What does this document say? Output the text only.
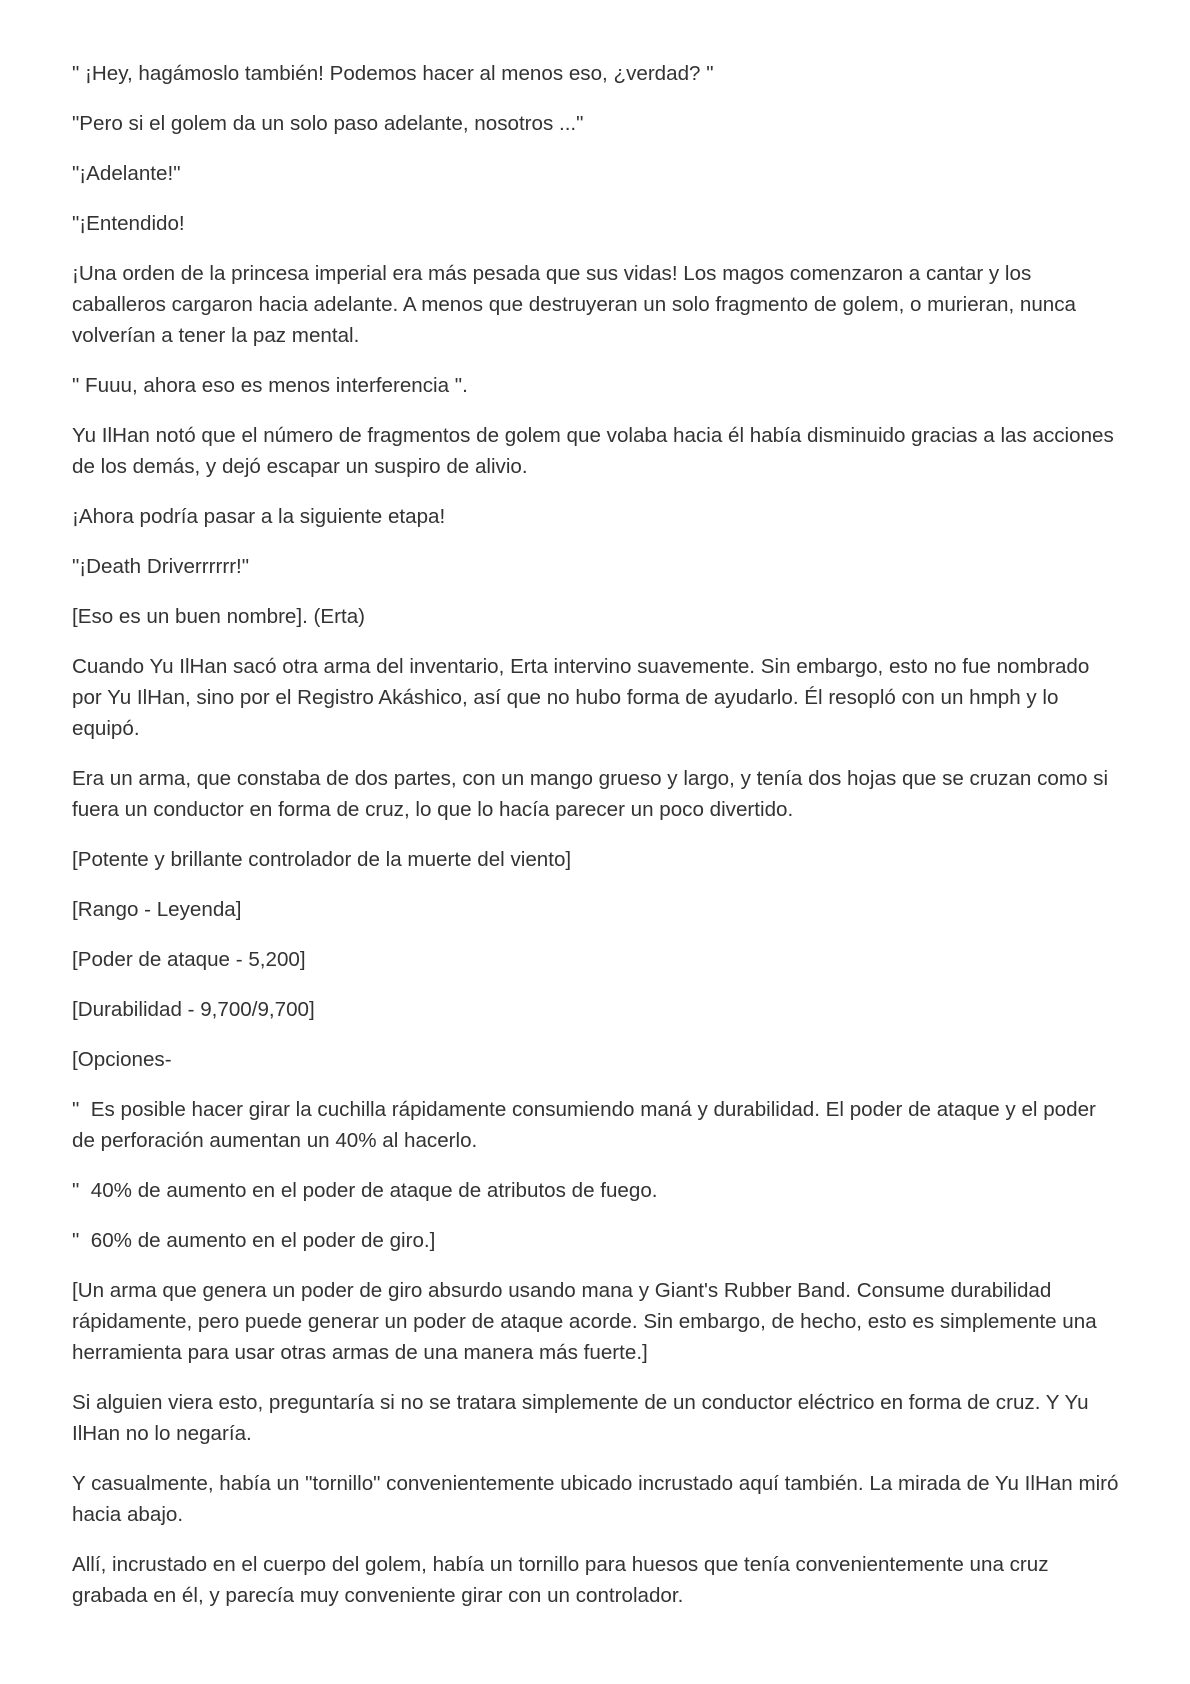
" ¡Hey, hagámoslo también! Podemos hacer al menos eso, ¿verdad? "

"Pero si el golem da un solo paso adelante, nosotros ..."

"¡Adelante!"

"¡Entendido!

¡Una orden de la princesa imperial era más pesada que sus vidas! Los magos comenzaron a cantar y los caballeros cargaron hacia adelante. A menos que destruyeran un solo fragmento de golem, o murieran, nunca volverían a tener la paz mental.

" Fuuu, ahora eso es menos interferencia ".

Yu IlHan notó que el número de fragmentos de golem que volaba hacia él había disminuido gracias a las acciones de los demás, y dejó escapar un suspiro de alivio.

¡Ahora podría pasar a la siguiente etapa!

"¡Death Driverrrrrr!"

[Eso es un buen nombre]. (Erta)

Cuando Yu IlHan sacó otra arma del inventario, Erta intervino suavemente. Sin embargo, esto no fue nombrado por Yu IlHan, sino por el Registro Akáshico, así que no hubo forma de ayudarlo. Él resopló con un hmph y lo equipó.

Era un arma, que constaba de dos partes, con un mango grueso y largo, y tenía dos hojas que se cruzan como si fuera un conductor en forma de cruz, lo que lo hacía parecer un poco divertido.

[Potente y brillante controlador de la muerte del viento]

[Rango - Leyenda]

[Poder de ataque - 5,200]

[Durabilidad - 9,700/9,700]

[Opciones-

"  Es posible hacer girar la cuchilla rápidamente consumiendo maná y durabilidad. El poder de ataque y el poder de perforación aumentan un 40% al hacerlo.

"  40% de aumento en el poder de ataque de atributos de fuego.

"  60% de aumento en el poder de giro.]

[Un arma que genera un poder de giro absurdo usando mana y Giant's Rubber Band. Consume durabilidad rápidamente, pero puede generar un poder de ataque acorde. Sin embargo, de hecho, esto es simplemente una herramienta para usar otras armas de una manera más fuerte.]

Si alguien viera esto, preguntaría si no se tratara simplemente de un conductor eléctrico en forma de cruz. Y Yu IlHan no lo negaría.

Y casualmente, había un "tornillo" convenientemente ubicado incrustado aquí también. La mirada de Yu IlHan miró hacia abajo.

Allí, incrustado en el cuerpo del golem, había un tornillo para huesos que tenía convenientemente una cruz grabada en él, y parecía muy conveniente girar con un controlador.
